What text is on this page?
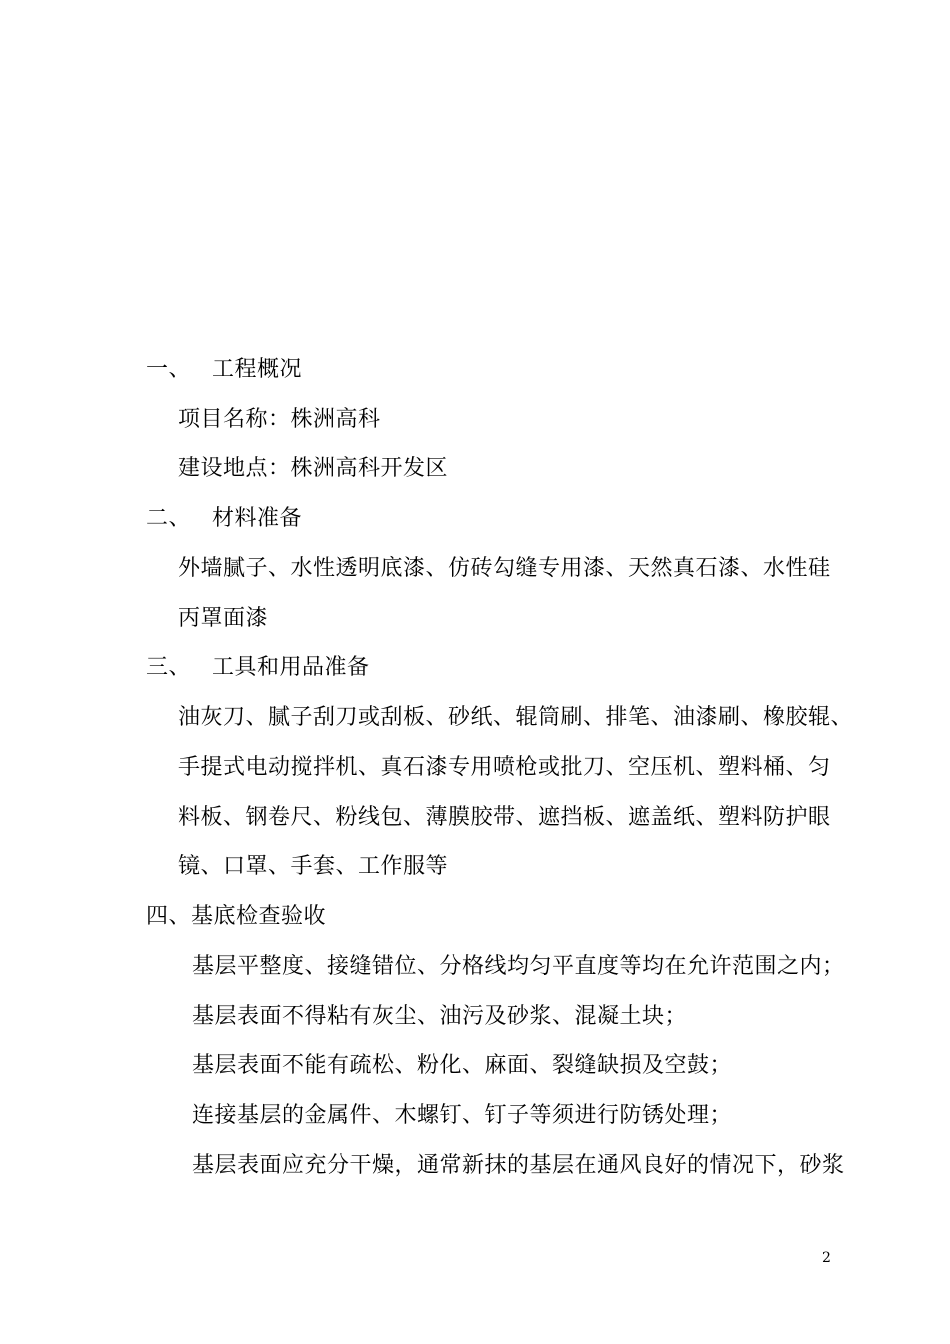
一、 工程概况
项目名称：株洲高科
建设地点：株洲高科开发区
二、 材料准备
外墙腻子、水性透明底漆、仿砖勾缝专用漆、天然真石漆、水性硅
丙罩面漆
三、 工具和用品准备
油灰刀、腻子刮刀或刮板、砂纸、辊筒刷、排笔、油漆刷、橡胶辊、
手提式电动搅拌机、真石漆专用喷枪或批刀、空压机、塑料桶、匀
料板、钢卷尺、粉线包、薄膜胶带、遮挡板、遮盖纸、塑料防护眼
镜、口罩、手套、工作服等
四、基底检查验收
基层平整度、接缝错位、分格线均匀平直度等均在允许范围之内；
基层表面不得粘有灰尘、油污及砂浆、混凝土块；
基层表面不能有疏松、粉化、麻面、裂缝缺损及空鼓；
连接基层的金属件、木螺钉、钉子等须进行防锈处理；
基层表面应充分干燥，通常新抹的基层在通风良好的情况下，砂浆
2
